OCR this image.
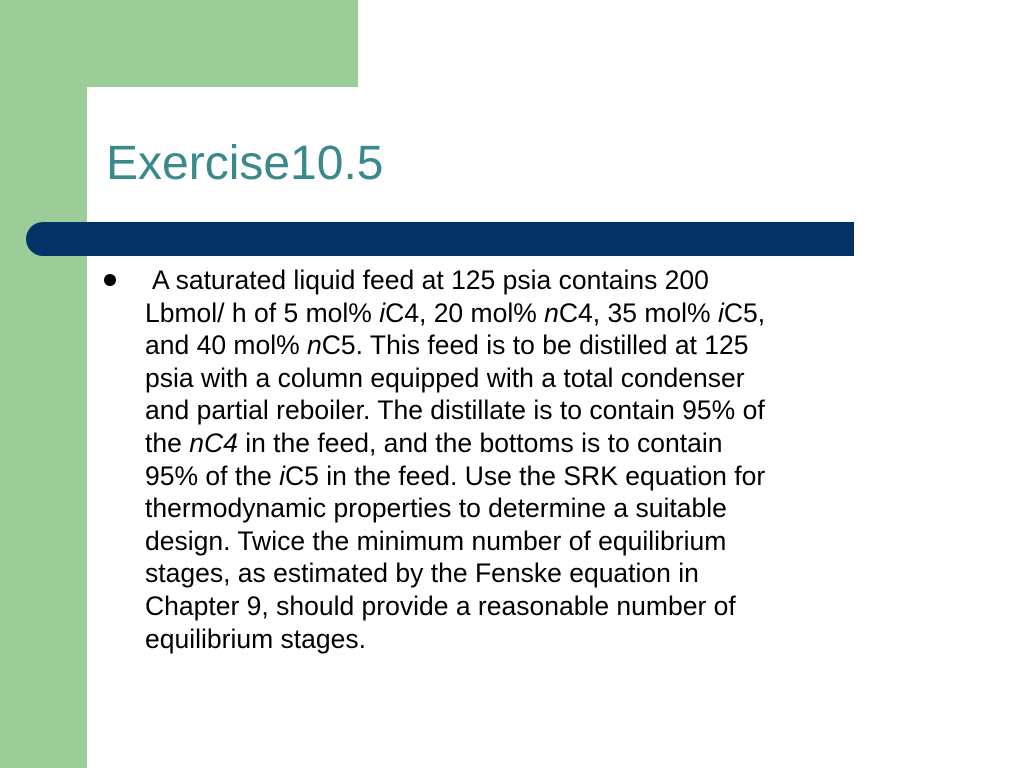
Exercise10.5
A saturated liquid feed at 125 psia contains 200
Lbmol/ h of 5 mol% iC4, 20 mol% nC4, 35 mol% iC5,
and 40 mol% nC5. This feed is to be distilled at 125
psia with a column equipped with a total condenser
and partial reboiler. The distillate is to contain 95% of
the nC4 in the feed, and the bottoms is to contain
95% of the iC5 in the feed. Use the SRK equation for
thermodynamic properties to determine a suitable
design. Twice the minimum number of equilibrium
stages, as estimated by the Fenske equation in
Chapter 9, should provide a reasonable number of
equilibrium stages.
